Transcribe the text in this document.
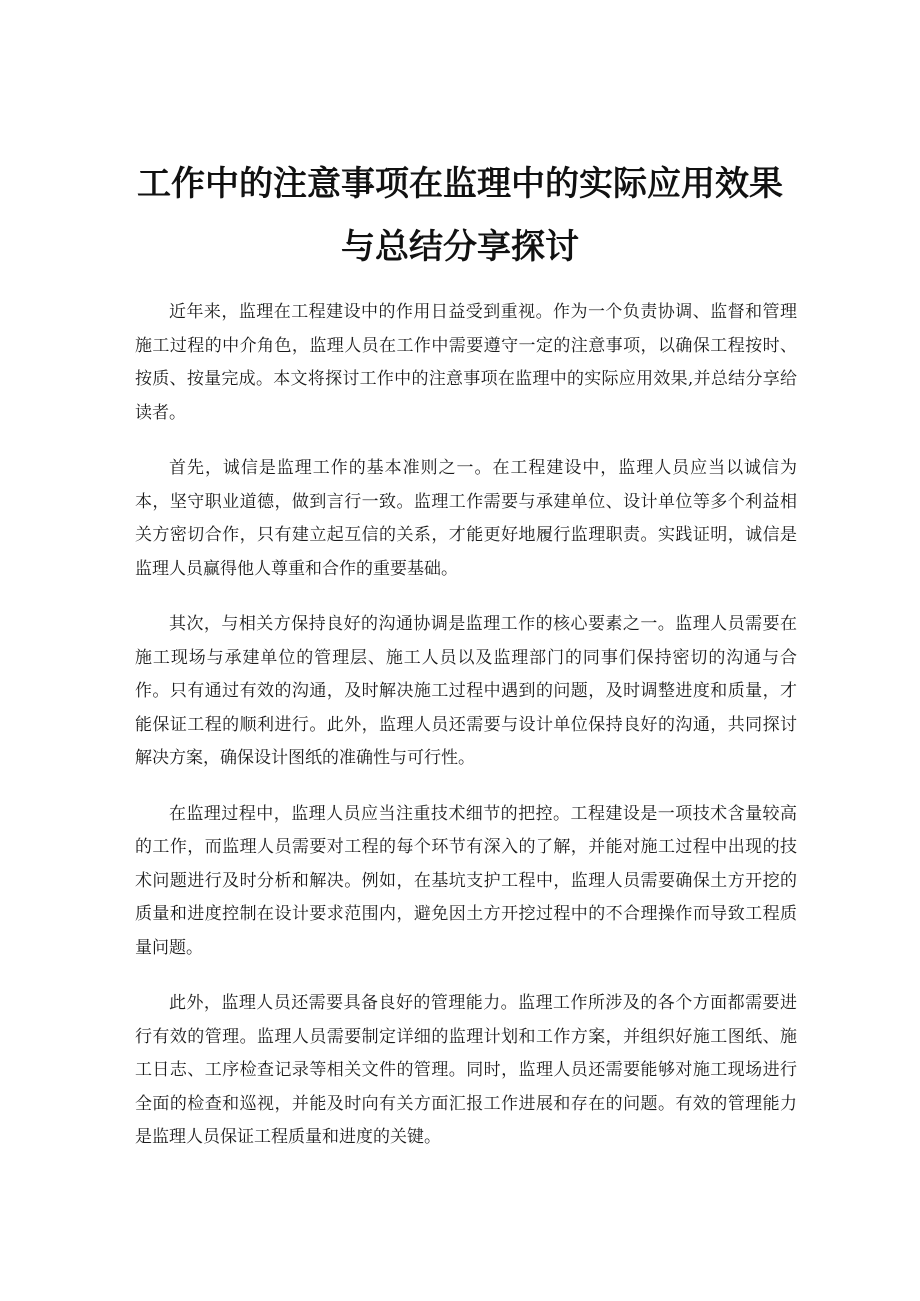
工作中的注意事项在监理中的实际应用效果
与总结分享探讨

近年来，监理在工程建设中的作用日益受到重视。作为一个负责协调、监督和管理施工过程的中介角色，监理人员在工作中需要遵守一定的注意事项，以确保工程按时、按质、按量完成。本文将探讨工作中的注意事项在监理中的实际应用效果,并总结分享给读者。

首先，诚信是监理工作的基本准则之一。在工程建设中，监理人员应当以诚信为本，坚守职业道德，做到言行一致。监理工作需要与承建单位、设计单位等多个利益相关方密切合作，只有建立起互信的关系，才能更好地履行监理职责。实践证明，诚信是监理人员赢得他人尊重和合作的重要基础。

其次，与相关方保持良好的沟通协调是监理工作的核心要素之一。监理人员需要在施工现场与承建单位的管理层、施工人员以及监理部门的同事们保持密切的沟通与合作。只有通过有效的沟通，及时解决施工过程中遇到的问题，及时调整进度和质量，才能保证工程的顺利进行。此外，监理人员还需要与设计单位保持良好的沟通，共同探讨解决方案，确保设计图纸的准确性与可行性。

在监理过程中，监理人员应当注重技术细节的把控。工程建设是一项技术含量较高的工作，而监理人员需要对工程的每个环节有深入的了解，并能对施工过程中出现的技术问题进行及时分析和解决。例如，在基坑支护工程中，监理人员需要确保土方开挖的质量和进度控制在设计要求范围内，避免因土方开挖过程中的不合理操作而导致工程质量问题。

此外，监理人员还需要具备良好的管理能力。监理工作所涉及的各个方面都需要进行有效的管理。监理人员需要制定详细的监理计划和工作方案，并组织好施工图纸、施工日志、工序检查记录等相关文件的管理。同时，监理人员还需要能够对施工现场进行全面的检查和巡视，并能及时向有关方面汇报工作进展和存在的问题。有效的管理能力是监理人员保证工程质量和进度的关键。
